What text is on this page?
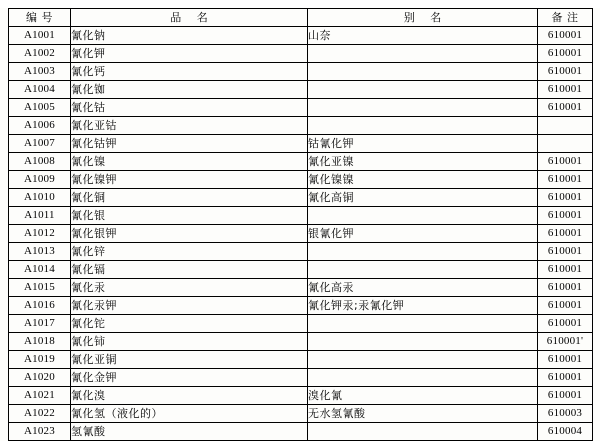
编 号	品 名	别 名	备 注
A1001	氰化钠	山奈	610001
A1002	氰化钾		610001
A1003	氰化钙		610001
A1004	氰化铷		610001
A1005	氰化钴		610001
A1006	氰化亚钴		
A1007	氰化钴钾	钴氰化钾	
A1008	氰化镍	氰化亚镍	610001
A1009	氰化镍钾	氰化镍镍	610001
A1010	氰化铜	氰化高铜	610001
A1011	氰化银		610001
A1012	氰化银钾	银氰化钾	610001
A1013	氰化锌		610001
A1014	氰化镉		610001
A1015	氰化汞	氰化高汞	610001
A1016	氰化汞钾	氰化钾汞;汞氰化钾	610001
A1017	氰化铊		610001
A1018	氰化铈		610001'
A1019	氰化亚铜		610001
A1020	氰化金钾		610001
A1021	氰化溴	溴化氰	610001
A1022	氰化氢（液化的）	无水氢氰酸	610003
A1023	氢氰酸		610004
